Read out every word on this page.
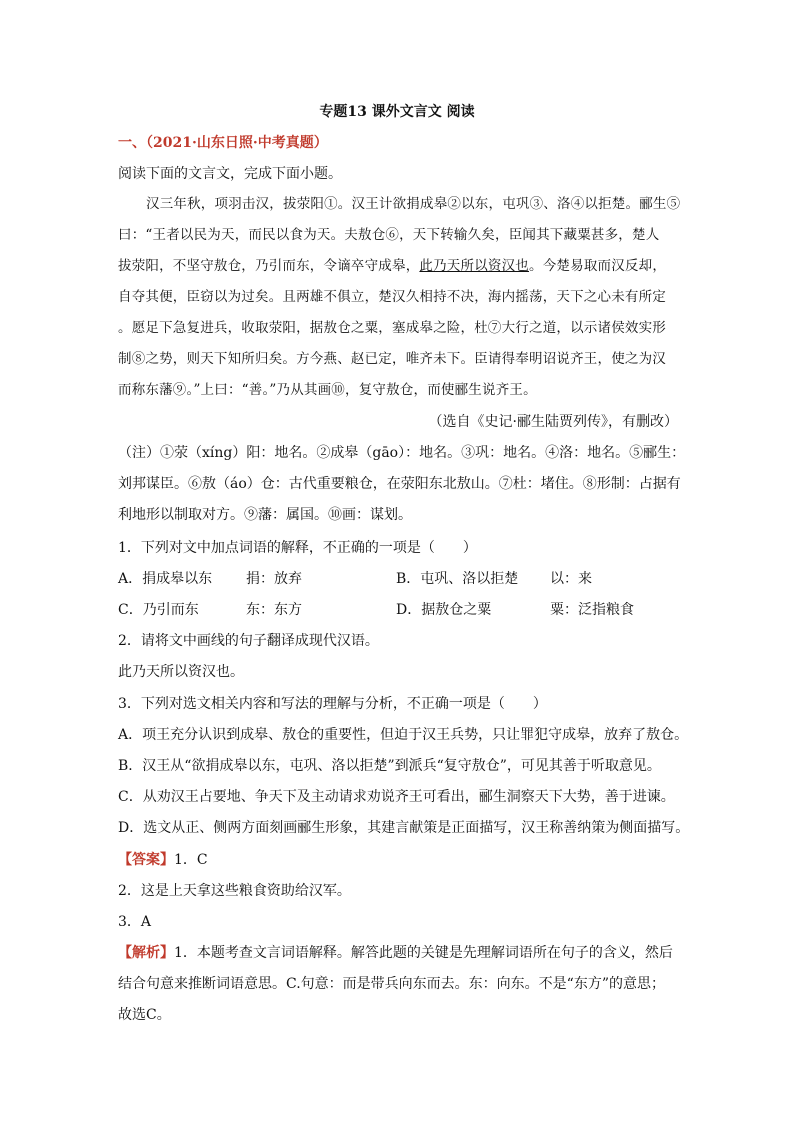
专题13 课外文言文 阅读
一、（2021·山东日照·中考真题）
阅读下面的文言文，完成下面小题。
汉三年秋，项羽击汉，拔荥阳①。汉王计欲捐成皋②以东，屯巩③、洛④以拒楚。郦生⑤
曰：“王者以民为天，而民以食为天。夫敖仓⑥，天下转输久矣，臣闻其下藏粟甚多，楚人
拔荥阳，不坚守敖仓，乃引而东，令谪卒守成皋，此乃天所以资汉也。今楚易取而汉反却，
自夺其便，臣窃以为过矣。且两雄不俱立，楚汉久相持不决，海内摇荡，天下之心未有所定
。愿足下急复进兵，收取荥阳，据敖仓之粟，塞成皋之险，杜⑦大行之道，以示诸侯效实形
制⑧之势，则天下知所归矣。方今燕、赵已定，唯齐未下。臣请得奉明诏说齐王，使之为汉
而称东藩⑨。”上曰：“善。”乃从其画⑩，复守敖仓，而使郦生说齐王。
（选自《史记·郦生陆贾列传》，有删改）
（注）①荥（xíng）阳：地名。②成皋（gāo）：地名。③巩：地名。④洛：地名。⑤郦生：
刘邦谋臣。⑥敖（áo）仓：古代重要粮仓，在荥阳东北敖山。⑦杜：堵住。⑧形制：占据有
利地形以制取对方。⑨藩：属国。⑩画：谋划。
1．下列对文中加点词语的解释，不正确的一项是（　　）
A．捐成皋以东 捐：放弃	B．屯巩、洛以拒楚 以：来
C．乃引而东	东：东方	D．据敖仓之粟	粟：泛指粮食
2．请将文中画线的句子翻译成现代汉语。
此乃天所以资汉也。
3．下列对选文相关内容和写法的理解与分析，不正确一项是（　　）
A．项王充分认识到成皋、敖仓的重要性，但迫于汉王兵势，只让罪犯守成皋，放弃了敖仓。
B．汉王从“欲捐成皋以东，屯巩、洛以拒楚”到派兵“复守敖仓”，可见其善于听取意见。
C．从劝汉王占要地、争天下及主动请求劝说齐王可看出，郦生洞察天下大势，善于进谏。
D．选文从正、侧两方面刻画郦生形象，其建言献策是正面描写，汉王称善纳策为侧面描写。
【答案】1．C
2．这是上天拿这些粮食资助给汉军。
3．A
【解析】1．本题考查文言词语解释。解答此题的关键是先理解词语所在句子的含义，然后
结合句意来推断词语意思。C.句意：而是带兵向东而去。东：向东。不是“东方”的意思；
故选C。
